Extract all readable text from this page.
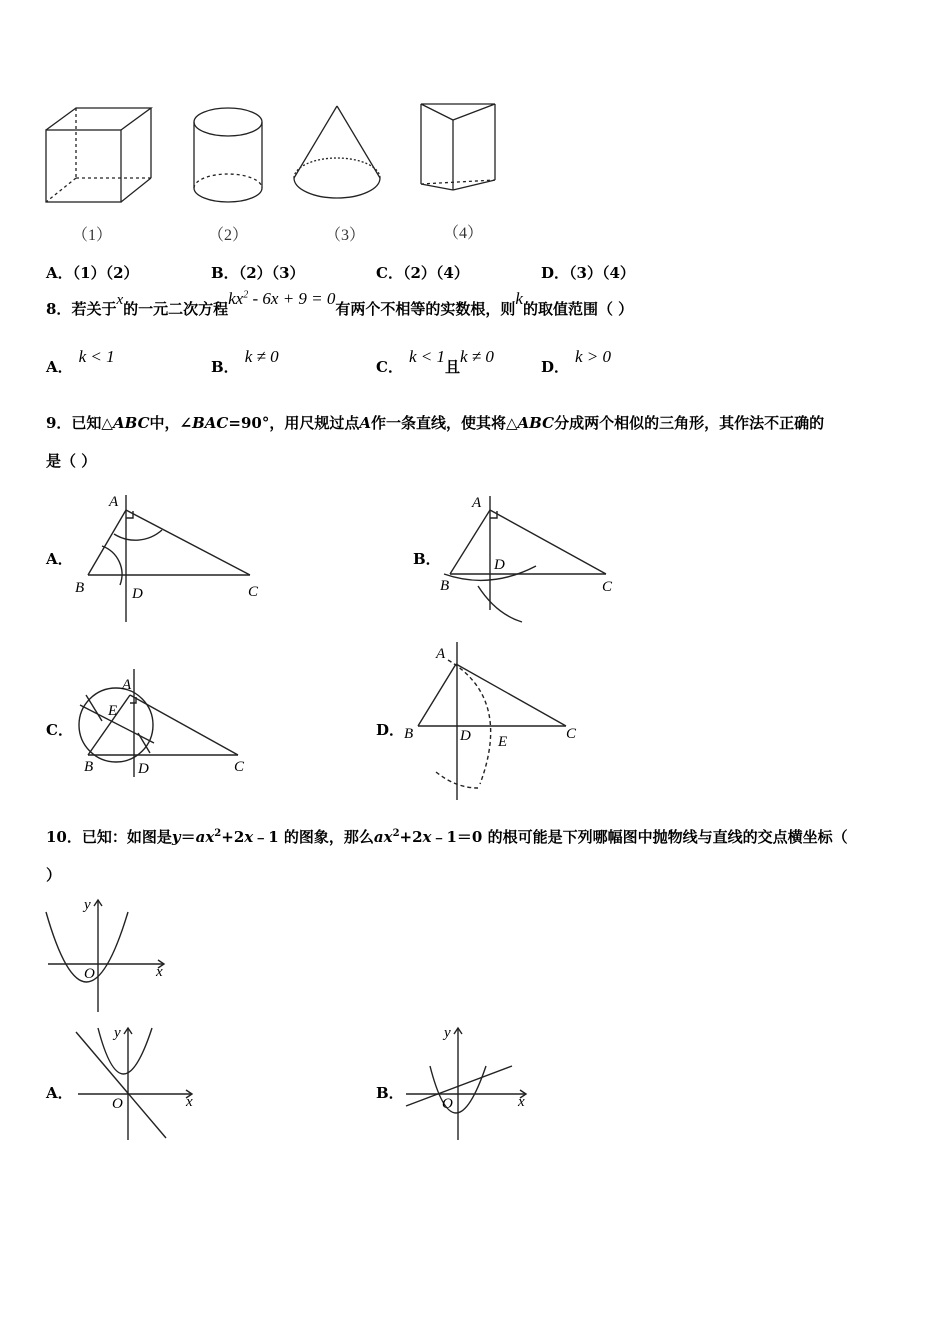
（1）	（2）	（3）	（4）
A．（1）（2）	B．（2）（3）	C．（2）（4）	D．（3）（4）
8．若关于x的一元二次方程$kx^2 - 6x + 9 = 0$有两个不相等的实数根，则k的取值范围（ ）
A．k < 1
B．k ≠ 0
C．k < 1且k ≠ 0
D．k > 0
9．已知△ABC中，∠BAC=90°，用尺规过点A作一条直线，使其将△ABC分成两个相似的三角形，其作法不正确的
是（ ）
A．	B．
C．	D．
A
B	D	C
A
D
B	C
A
E
B	D	C
A
B	D E	C
10．已知：如图是$y=ax^2+2x﹣1$ 的图象，那么$ax^2+2x﹣1=0$ 的根可能是下列哪幅图中抛物线与直线的交点横坐标（
）
y
x
O
A．	B．
y
x
O
y
x
O
